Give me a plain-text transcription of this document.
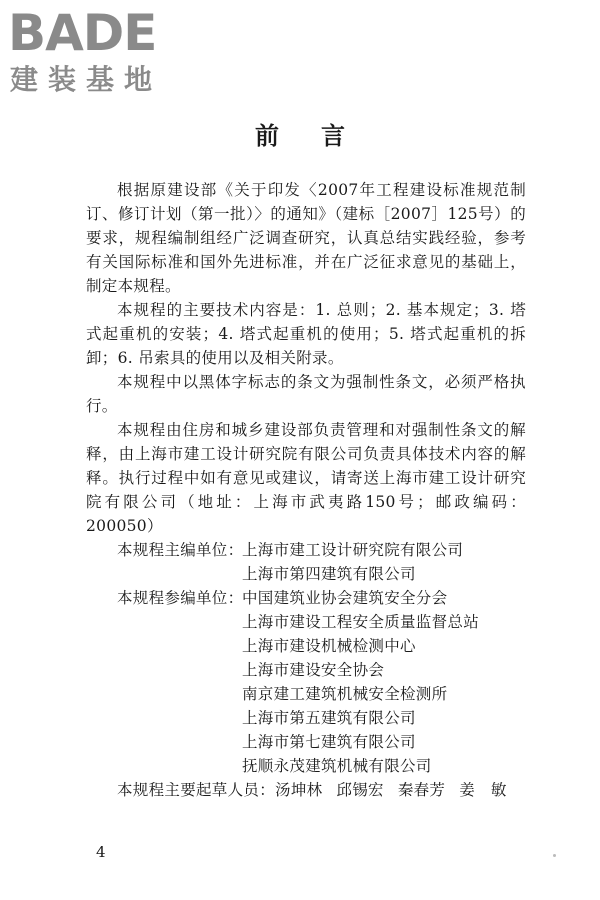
BADE
建装基地
前言

根据原建设部《关于印发〈2007年工程建设标准规范制订、修订计划（第一批）〉的通知》（建标［2007］125号）的要求，规程编制组经广泛调查研究，认真总结实践经验，参考有关国际标准和国外先进标准，并在广泛征求意见的基础上，制定本规程。

本规程的主要技术内容是：1. 总则；2. 基本规定；3. 塔式起重机的安装；4. 塔式起重机的使用；5. 塔式起重机的拆卸；6. 吊索具的使用以及相关附录。

本规程中以黑体字标志的条文为强制性条文，必须严格执行。

本规程由住房和城乡建设部负责管理和对强制性条文的解释，由上海市建工设计研究院有限公司负责具体技术内容的解释。执行过程中如有意见或建议，请寄送上海市建工设计研究院有限公司（地址：上海市武夷路150号；邮政编码：200050）

本规程主编单位：
上海市建工设计研究院有限公司
上海市第四建筑有限公司
本规程参编单位：
中国建筑业协会建筑安全分会
上海市建设工程安全质量监督总站
上海市建设机械检测中心
上海市建设安全协会
南京建工建筑机械安全检测所
上海市第五建筑有限公司
上海市第七建筑有限公司
抚顺永茂建筑机械有限公司

本规程主要起草人员：汤坤林 邱锡宏 秦春芳 姜　敏

4
